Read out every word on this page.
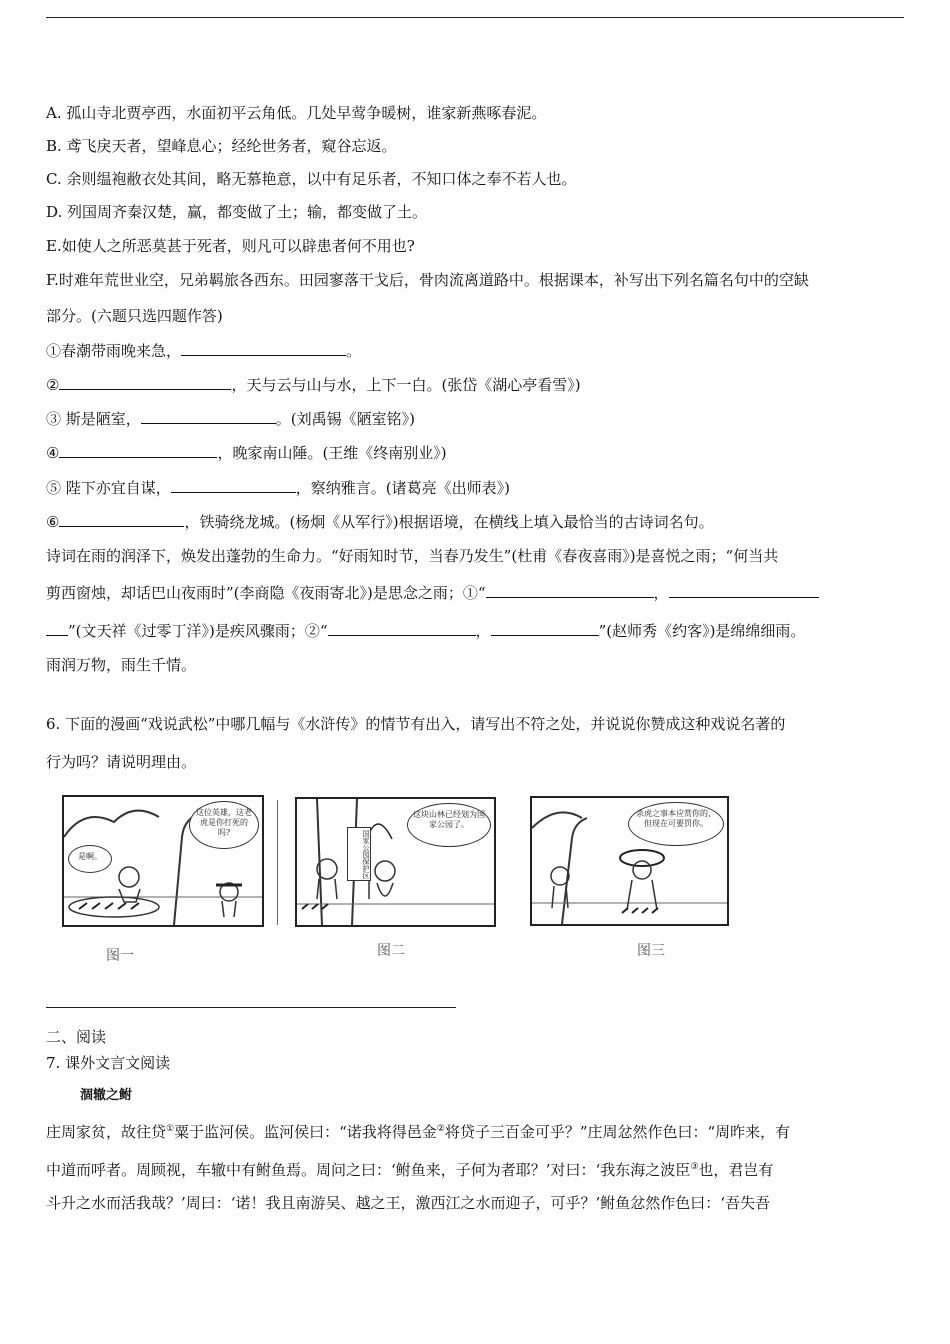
A. 孤山寺北贾亭西，水面初平云角低。几处早莺争暖树，谁家新燕啄春泥。
B. 鸢飞戾天者，望峰息心；经纶世务者，窥谷忘返。
C. 余则缊袍敝衣处其间，略无慕艳意，以中有足乐者，不知口体之奉不若人也。
D. 列国周齐秦汉楚，赢，都变做了土；输，都变做了土。
E.如使人之所恶莫甚于死者，则凡可以辟患者何不用也?
F.时难年荒世业空，兄弟羁旅各西东。田园寥落干戈后，骨肉流离道路中。根据课本，补写出下列名篇名句中的空缺
部分。(六题只选四题作答)
①春潮带雨晚来急，	。
②	，天与云与山与水，上下一白。(张岱《湖心亭看雪》)
③ 斯是陋室，	。(刘禹锡《陋室铭》)
④	，晚家南山陲。(王维《终南别业》)
⑤ 陛下亦宜自谋，	，察纳雅言。(诸葛亮《出师表》)
⑥	，铁骑绕龙城。(杨炯《从军行》)根据语境，在横线上填入最恰当的古诗词名句。
诗词在雨的润泽下，焕发出蓬勃的生命力。“好雨知时节，当春乃发生”(杜甫《春夜喜雨》)是喜悦之雨；“何当共
剪西窗烛，却话巴山夜雨时”(李商隐《夜雨寄北》)是思念之雨；①“	，
”(文天祥《过零丁洋》)是疾风骤雨；②“	，	”(赵师秀《约客》)是绵绵细雨。
雨润万物，雨生千情。
6. 下面的漫画“戏说武松”中哪几幅与《水浒传》的情节有出入，请写出不符之处，并说说你赞成这种戏说名著的
行为吗？请说明理由。
这位英雄，这老虎是你打死的吗?
是啊。
图一
国家公园保护区
这块山林已经划为国家公园了。
图二
杀虎之事本应赏你的，但现在可要罚你。
图三
二、阅读
7. 课外文言文阅读
涸辙之鲋
庄周家贫，故往贷①粟于监河侯。监河侯曰：“诺我将得邑金②将贷子三百金可乎？”庄周忿然作色曰：“周昨来，有
中道而呼者。周顾视，车辙中有鲋鱼焉。周问之曰：‘鲋鱼来，子何为者耶？’对曰：‘我东海之波臣③也，君岂有
斗升之水而活我哉？’周曰：‘诺！我且南游吴、越之王，激西江之水而迎子，可乎？’鲋鱼忿然作色曰：‘吾失吾
